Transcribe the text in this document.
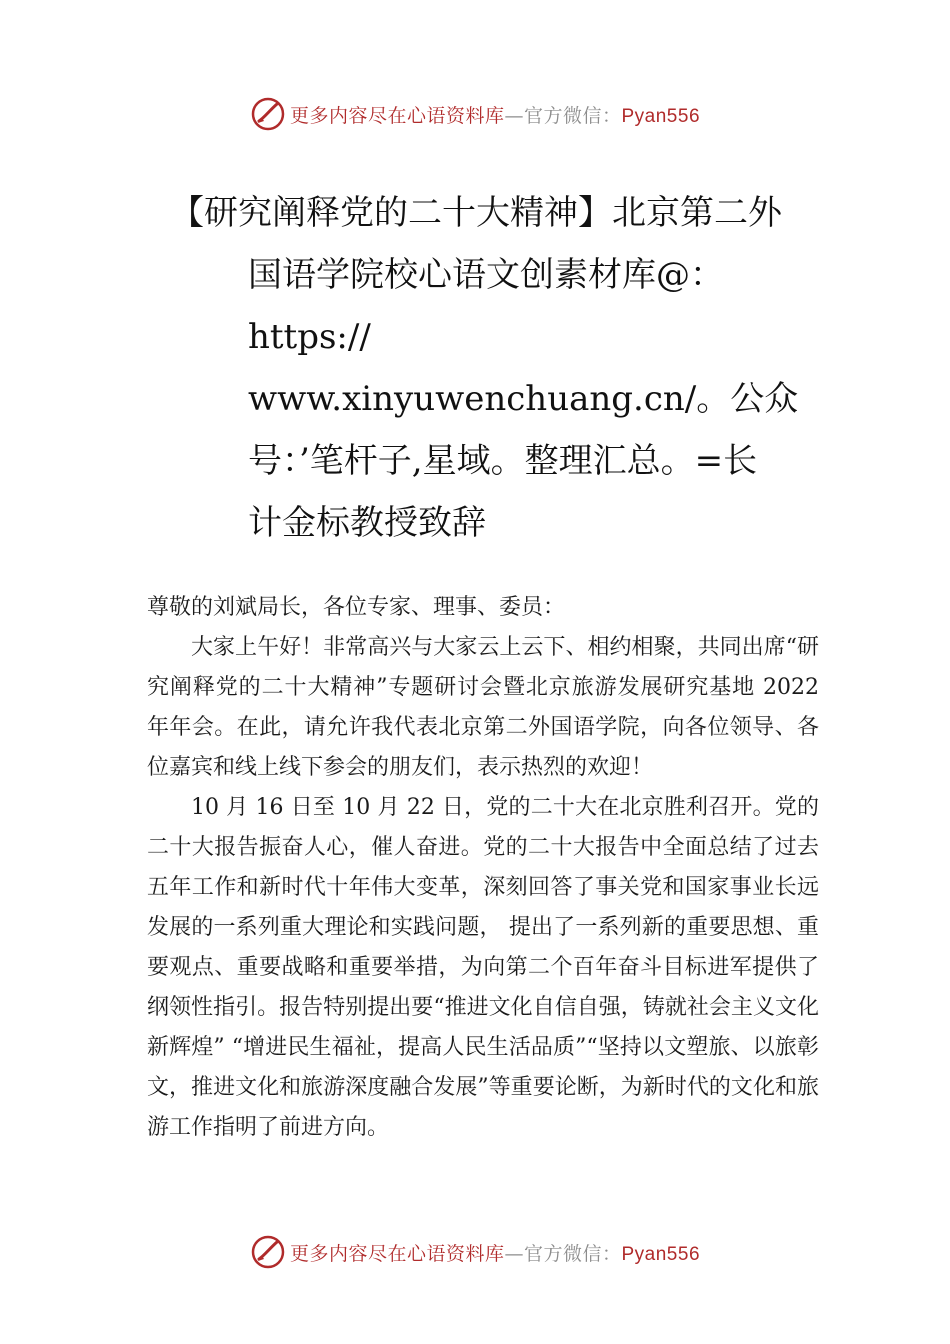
更多内容尽在心语资料库—官方微信：Pyan556
【研究阐释党的二十大精神】北京第二外
国语学院校心语文创素材库@：
https://
www.xinyuwenchuang.cn/。公众
号：’笔杆子,星域。整理汇总。=长
计金标教授致辞

尊敬的刘斌局长，各位专家、理事、委员：

大家上午好！非常高兴与大家云上云下、相约相聚，共同出席“研究阐释党的二十大精神”专题研讨会暨北京旅游发展研究基地 2022 年年会。在此，请允许我代表北京第二外国语学院，向各位领导、各位嘉宾和线上线下参会的朋友们，表示热烈的欢迎！

10 月 16 日至 10 月 22 日，党的二十大在北京胜利召开。党的二十大报告振奋人心，催人奋进。党的二十大报告中全面总结了过去五年工作和新时代十年伟大变革，深刻回答了事关党和国家事业长远发展的一系列重大理论和实践问题， 提出了一系列新的重要思想、重要观点、重要战略和重要举措，为向第二个百年奋斗目标进军提供了纲领性指引。报告特别提出要“推进文化自信自强，铸就社会主义文化新辉煌” “增进民生福祉，提高人民生活品质”“坚持以文塑旅、以旅彰文，推进文化和旅游深度融合发展”等重要论断，为新时代的文化和旅游工作指明了前进方向。

更多内容尽在心语资料库—官方微信：Pyan556
